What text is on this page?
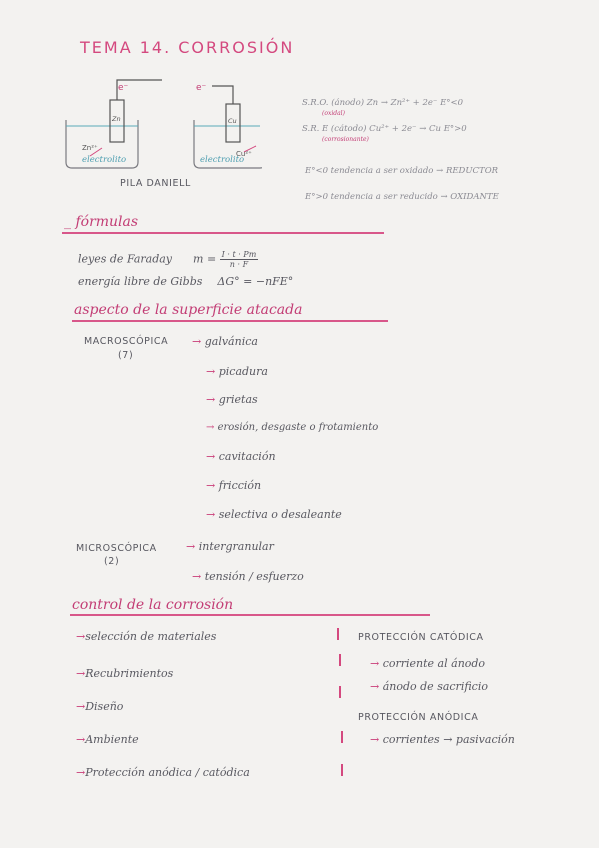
TEMA 14. CORROSIÓN
e⁻	e⁻
Zn	Cu
Zn²⁺
Cu²⁺
electrolito	electrolito
PILA DANIELL
S.R.O. (ánodo) Zn → Zn²⁺ + 2e⁻ E°<0
(oxidal)
S.R. E (cátodo) Cu²⁺ + 2e⁻ → Cu E°>0
(corrosionante)
E°<0 tendencia a ser oxidado → REDUCTOR
E°>0 tendencia a ser reducido → OXIDANTE
_ fórmulas
leyes de Faraday $m = \frac{I \cdot t \cdot Pm}{n \cdot F}$
energía libre de Gibbs ΔG° = −nFE°
aspecto de la superficie atacada
MACROSCÓPICA
(7)
→ galvánica
→ picadura
→ grietas
→ erosión, desgaste o frotamiento
→ cavitación
→ fricción
→ selectiva o desaleante
MICROSCÓPICA
(2)
→ intergranular
→ tensión / esfuerzo
control de la corrosión
→selección de materiales
→Recubrimientos
→Diseño
→Ambiente
→Protección anódica / catódica
PROTECCIÓN CATÓDICA
→ corriente al ánodo
→ ánodo de sacrificio
PROTECCIÓN ANÓDICA
→ corrientes → pasivación
